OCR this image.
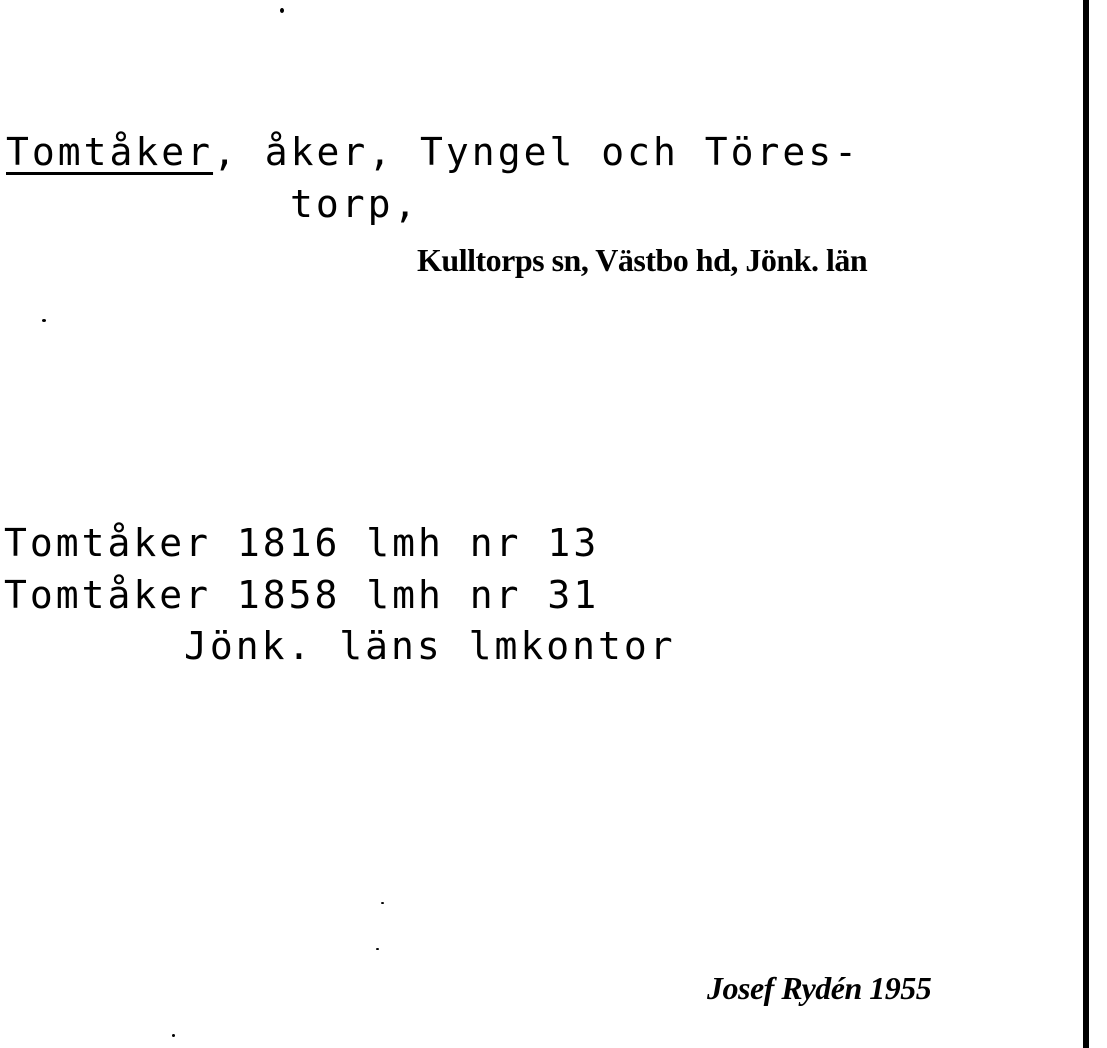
Tomtåker, åker, Tyngel och Töres-
torp,
Kulltorps sn, Västbo hd, Jönk. län
Tomtåker 1816 lmh nr 13
Tomtåker 1858 lmh nr 31
Jönk. läns lmkontor
Josef Rydén 1955
